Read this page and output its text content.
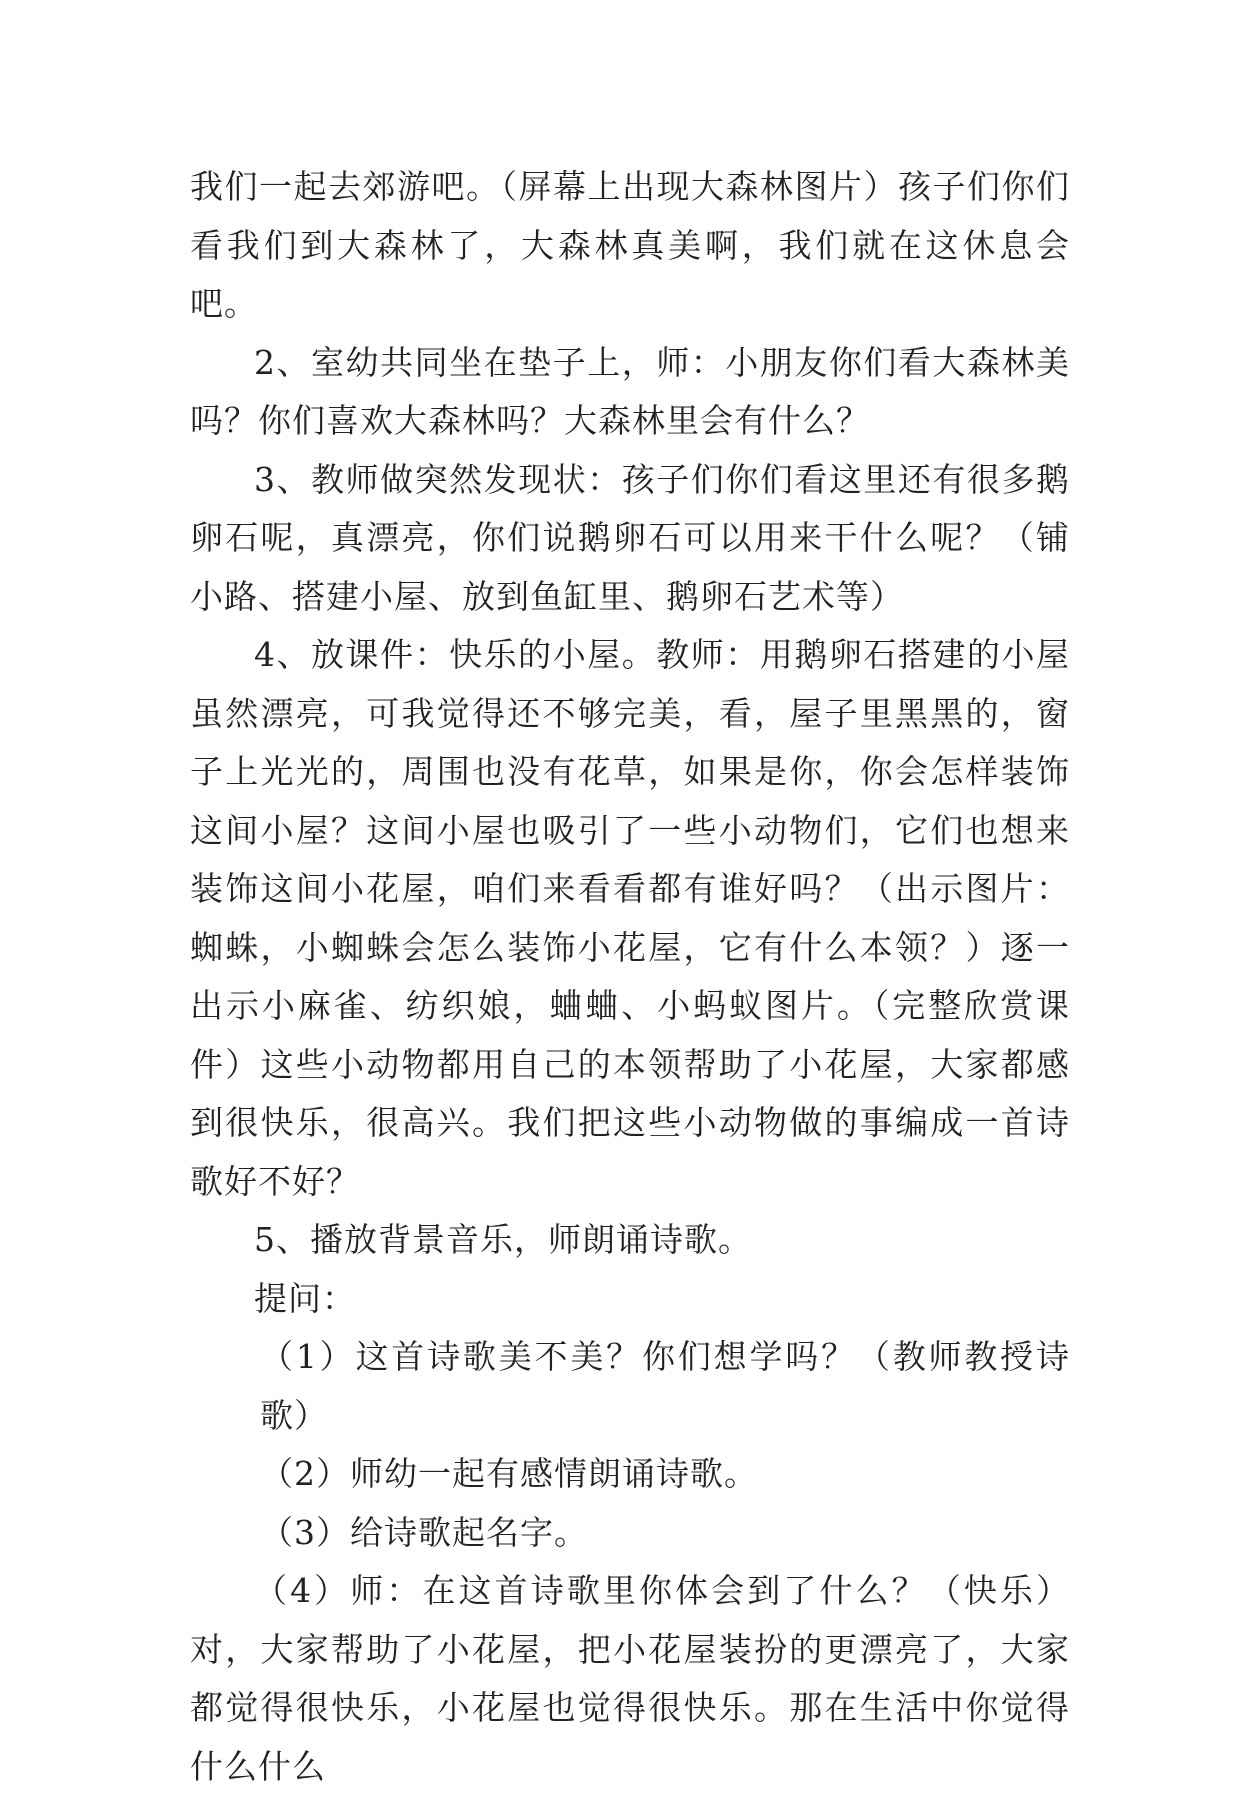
我们一起去郊游吧。（屏幕上出现大森林图片）孩子们你们看我们到大森林了，大森林真美啊，我们就在这休息会吧。

2、室幼共同坐在垫子上，师：小朋友你们看大森林美吗？你们喜欢大森林吗？大森林里会有什么？

3、教师做突然发现状：孩子们你们看这里还有很多鹅卵石呢，真漂亮，你们说鹅卵石可以用来干什么呢？（铺小路、搭建小屋、放到鱼缸里、鹅卵石艺术等）

4、放课件：快乐的小屋。教师：用鹅卵石搭建的小屋虽然漂亮，可我觉得还不够完美，看，屋子里黑黑的，窗子上光光的，周围也没有花草，如果是你，你会怎样装饰这间小屋？这间小屋也吸引了一些小动物们，它们也想来装饰这间小花屋，咱们来看看都有谁好吗？（出示图片：蜘蛛，小蜘蛛会怎么装饰小花屋，它有什么本领？）逐一出示小麻雀、纺织娘，蛐蛐、小蚂蚁图片。（完整欣赏课件）这些小动物都用自己的本领帮助了小花屋，大家都感到很快乐，很高兴。我们把这些小动物做的事编成一首诗歌好不好？

5、播放背景音乐，师朗诵诗歌。

提问：

（1）这首诗歌美不美？你们想学吗？（教师教授诗歌）

（2）师幼一起有感情朗诵诗歌。

（3）给诗歌起名字。

（4）师：在这首诗歌里你体会到了什么？（快乐）对，大家帮助了小花屋，把小花屋装扮的更漂亮了，大家都觉得很快乐，小花屋也觉得很快乐。那在生活中你觉得什么什么
